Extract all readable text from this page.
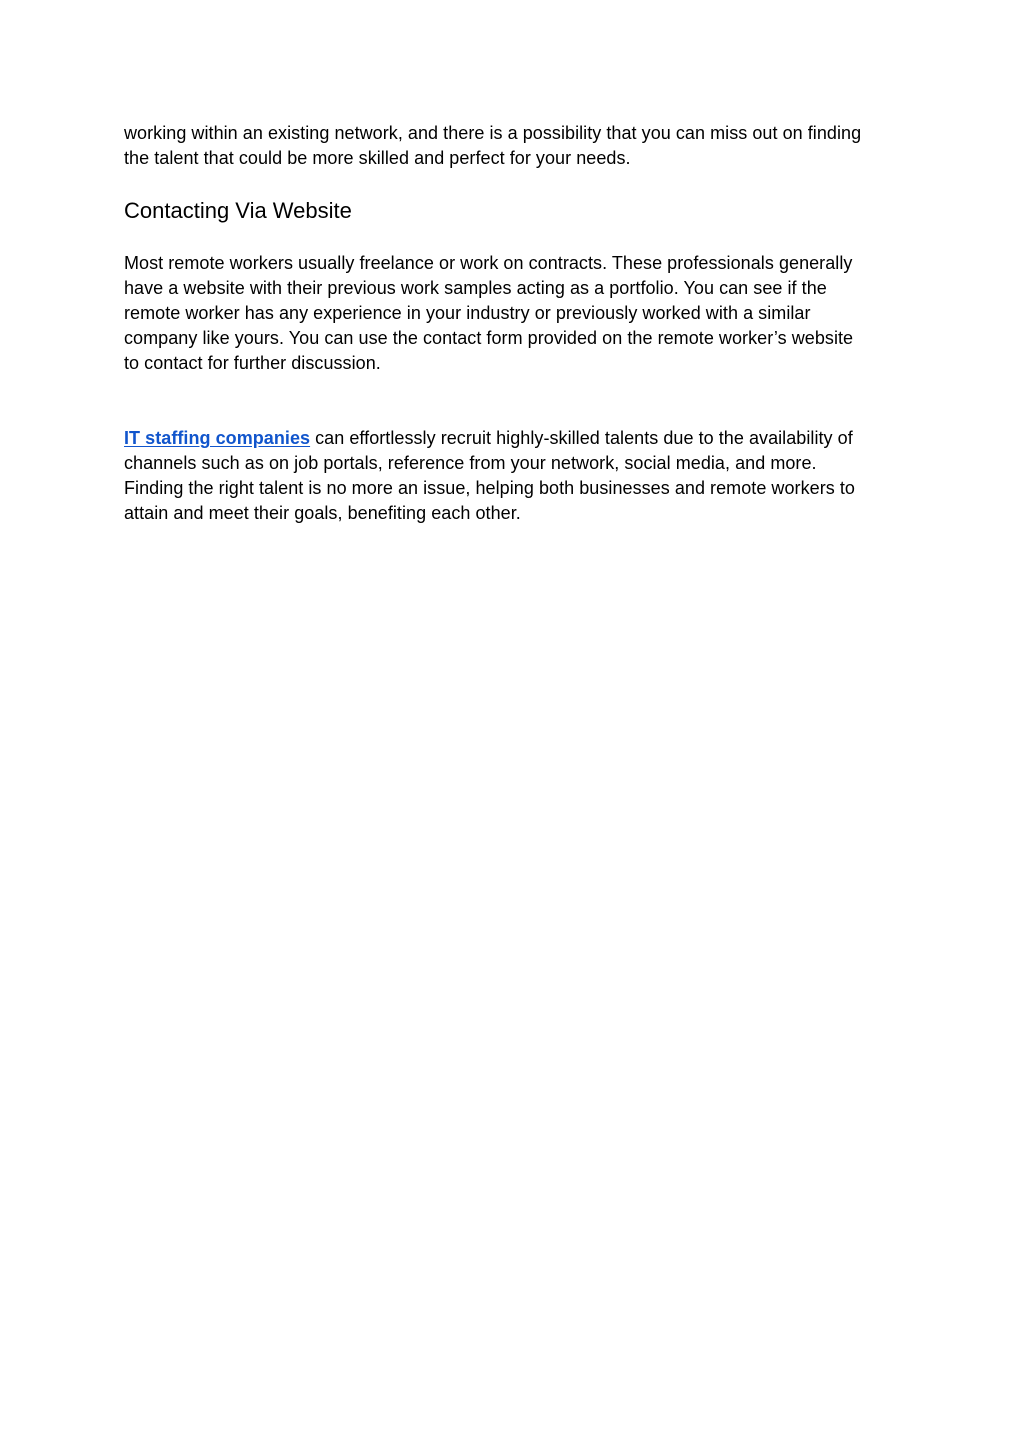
working within an existing network, and there is a possibility that you can miss out on finding
the talent that could be more skilled and perfect for your needs.

Contacting Via Website

Most remote workers usually freelance or work on contracts. These professionals generally
have a website with their previous work samples acting as a portfolio. You can see if the
remote worker has any experience in your industry or previously worked with a similar
company like yours. You can use the contact form provided on the remote worker’s website
to contact for further discussion.

IT staffing companies can effortlessly recruit highly-skilled talents due to the availability of
channels such as on job portals, reference from your network, social media, and more.
Finding the right talent is no more an issue, helping both businesses and remote workers to
attain and meet their goals, benefiting each other.
